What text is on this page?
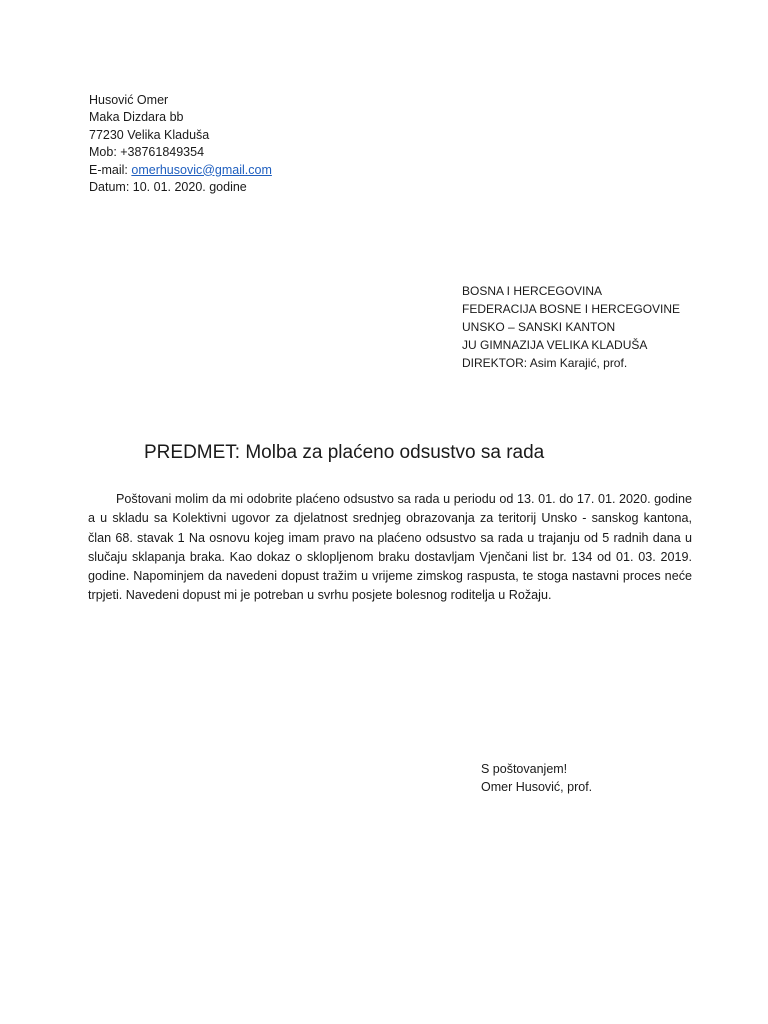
Husović Omer
Maka Dizdara bb
77230 Velika Kladuša
Mob: +38761849354
E-mail: omerhusovic@gmail.com
Datum: 10. 01. 2020. godine
BOSNA I HERCEGOVINA
FEDERACIJA BOSNE I HERCEGOVINE
UNSKO – SANSKI KANTON
JU GIMNAZIJA VELIKA KLADUŠA
DIREKTOR: Asim Karajić, prof.
PREDMET: Molba za plaćeno odsustvo sa rada
Poštovani molim da mi odobrite plaćeno odsustvo sa rada u periodu od 13. 01. do 17. 01. 2020. godine a u skladu sa Kolektivni ugovor za djelatnost srednjeg obrazovanja za teritorij Unsko - sanskog kantona, član 68. stavak 1 Na osnovu kojeg imam pravo na plaćeno odsustvo sa rada u trajanju od 5 radnih dana u slučaju sklapanja braka. Kao dokaz o sklopljenom braku dostavljam Vjenčani list br. 134 od 01. 03. 2019. godine. Napominjem da navedeni dopust tražim u vrijeme zimskog raspusta, te stoga nastavni proces neće trpjeti. Navedeni dopust mi je potreban u svrhu posjete bolesnog roditelja u Rožaju.
S poštovanjem!
Omer Husović, prof.
